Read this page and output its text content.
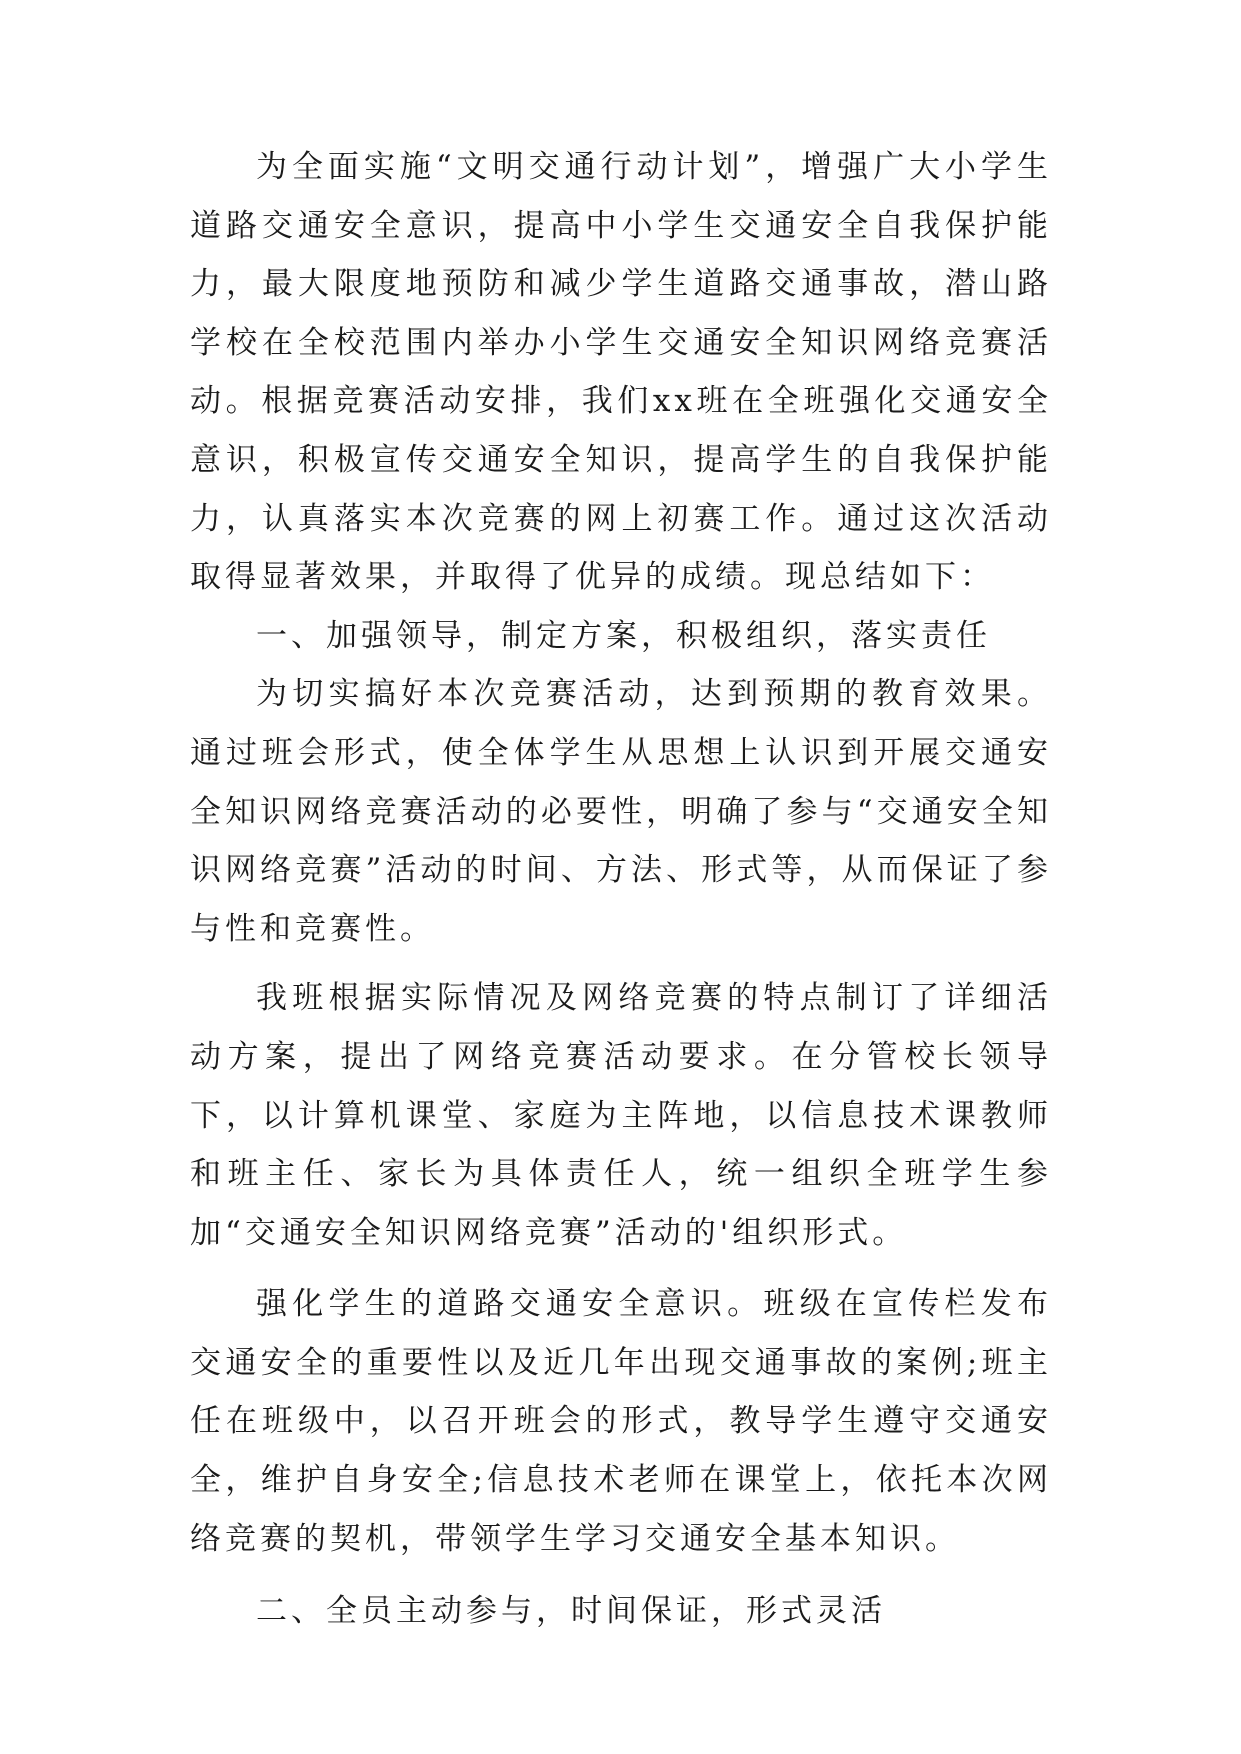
为全面实施“文明交通行动计划”，增强广大小学生道路交通安全意识，提高中小学生交通安全自我保护能力，最大限度地预防和减少学生道路交通事故，潜山路学校在全校范围内举办小学生交通安全知识网络竞赛活动。根据竞赛活动安排，我们xx班在全班强化交通安全意识，积极宣传交通安全知识，提高学生的自我保护能力，认真落实本次竞赛的网上初赛工作。通过这次活动取得显著效果，并取得了优异的成绩。现总结如下：

一、加强领导，制定方案，积极组织，落实责任

为切实搞好本次竞赛活动，达到预期的教育效果。通过班会形式，使全体学生从思想上认识到开展交通安全知识网络竞赛活动的必要性，明确了参与“交通安全知识网络竞赛”活动的时间、方法、形式等，从而保证了参与性和竞赛性。

我班根据实际情况及网络竞赛的特点制订了详细活动方案，提出了网络竞赛活动要求。在分管校长领导下，以计算机课堂、家庭为主阵地，以信息技术课教师和班主任、家长为具体责任人，统一组织全班学生参加“交通安全知识网络竞赛”活动的'组织形式。

强化学生的道路交通安全意识。班级在宣传栏发布交通安全的重要性以及近几年出现交通事故的案例;班主任在班级中，以召开班会的形式，教导学生遵守交通安全，维护自身安全;信息技术老师在课堂上，依托本次网络竞赛的契机，带领学生学习交通安全基本知识。

二、全员主动参与，时间保证，形式灵活
